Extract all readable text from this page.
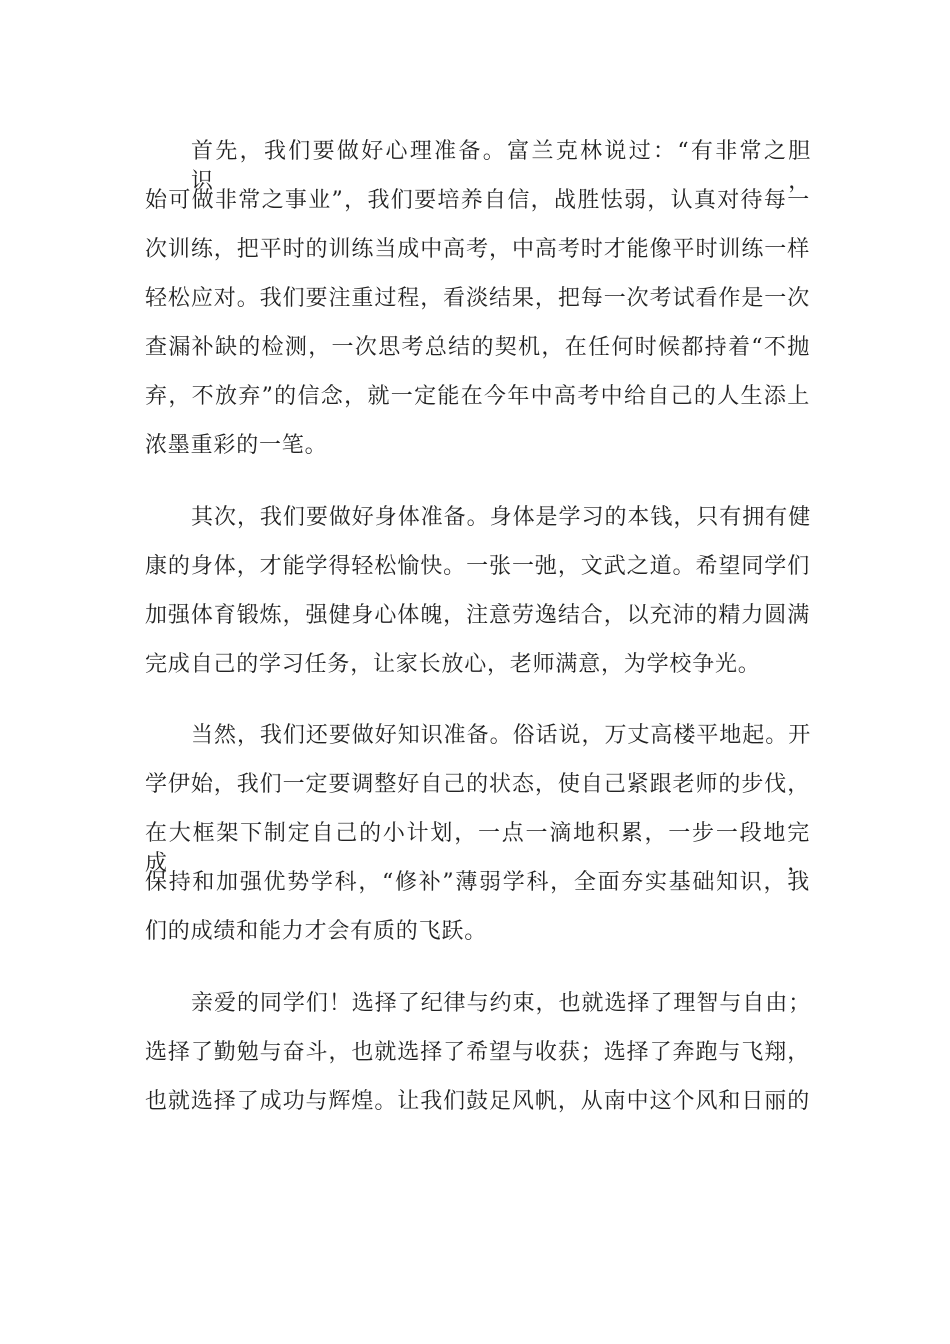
首先，我们要做好心理准备。富兰克林说过：“有非常之胆识，
始可做非常之事业”，我们要培养自信，战胜怯弱，认真对待每一
次训练，把平时的训练当成中高考，中高考时才能像平时训练一样
轻松应对。我们要注重过程，看淡结果，把每一次考试看作是一次
查漏补缺的检测，一次思考总结的契机，在任何时候都持着“不抛
弃，不放弃”的信念，就一定能在今年中高考中给自己的人生添上
浓墨重彩的一笔。
其次，我们要做好身体准备。身体是学习的本钱，只有拥有健
康的身体，才能学得轻松愉快。一张一弛，文武之道。希望同学们
加强体育锻炼，强健身心体魄，注意劳逸结合，以充沛的精力圆满
完成自己的学习任务，让家长放心，老师满意，为学校争光。
当然，我们还要做好知识准备。俗话说，万丈高楼平地起。开
学伊始，我们一定要调整好自己的状态，使自己紧跟老师的步伐，
在大框架下制定自己的小计划，一点一滴地积累，一步一段地完成，
保持和加强优势学科，“修补”薄弱学科，全面夯实基础知识，我
们的成绩和能力才会有质的飞跃。
亲爱的同学们！选择了纪律与约束，也就选择了理智与自由；
选择了勤勉与奋斗，也就选择了希望与收获；选择了奔跑与飞翔，
也就选择了成功与辉煌。让我们鼓足风帆，从南中这个风和日丽的
